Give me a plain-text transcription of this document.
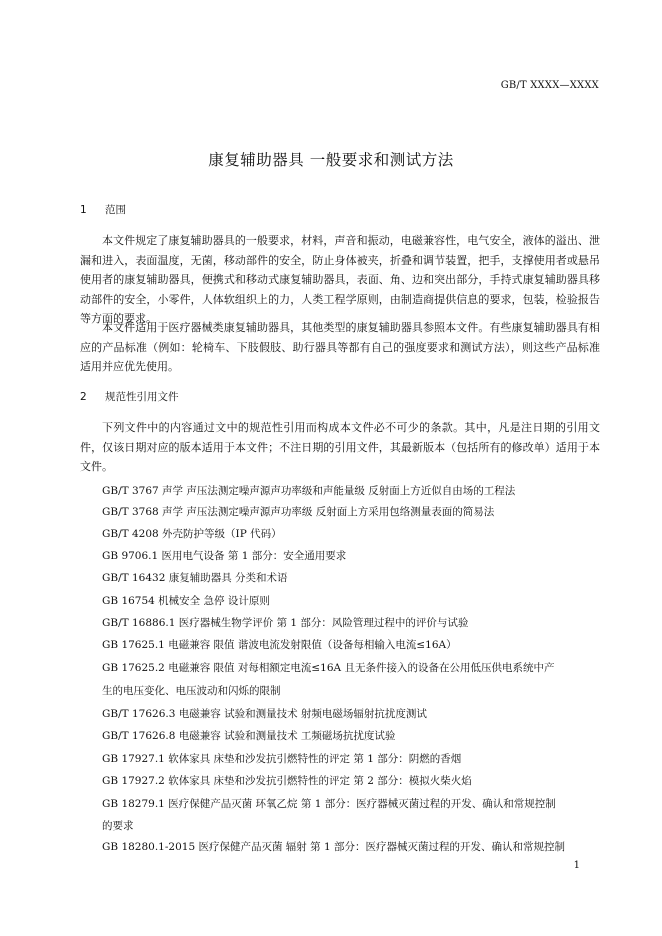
GB/T XXXX—XXXX
康复辅助器具 一般要求和测试方法
1 范围
本文件规定了康复辅助器具的一般要求，材料，声音和振动，电磁兼容性，电气安全，液体的溢出、泄漏和进入，表面温度，无菌，移动部件的安全，防止身体被夹，折叠和调节装置，把手，支撑使用者或悬吊使用者的康复辅助器具，便携式和移动式康复辅助器具，表面、角、边和突出部分，手持式康复辅助器具移动部件的安全，小零件，人体软组织上的力，人类工程学原则，由制造商提供信息的要求，包装，检验报告等方面的要求。
本文件适用于医疗器械类康复辅助器具，其他类型的康复辅助器具参照本文件。有些康复辅助器具有相应的产品标准（例如：轮椅车、下肢假肢、助行器具等都有自己的强度要求和测试方法），则这些产品标准适用并应优先使用。
2 规范性引用文件
下列文件中的内容通过文中的规范性引用而构成本文件必不可少的条款。其中，凡是注日期的引用文件，仅该日期对应的版本适用于本文件；不注日期的引用文件，其最新版本（包括所有的修改单）适用于本文件。
GB/T 3767 声学 声压法测定噪声源声功率级和声能量级 反射面上方近似自由场的工程法
GB/T 3768 声学 声压法测定噪声源声功率级 反射面上方采用包络测量表面的简易法
GB/T 4208 外壳防护等级（IP 代码）
GB 9706.1 医用电气设备 第 1 部分：安全通用要求
GB/T 16432 康复辅助器具 分类和术语
GB 16754 机械安全 急停 设计原则
GB/T 16886.1 医疗器械生物学评价 第 1 部分：风险管理过程中的评价与试验
GB 17625.1 电磁兼容 限值 谐波电流发射限值（设备每相输入电流≤16A）
GB 17625.2 电磁兼容 限值 对每相额定电流≤16A 且无条件接入的设备在公用低压供电系统中产
生的电压变化、电压波动和闪烁的限制
GB/T 17626.3 电磁兼容 试验和测量技术 射频电磁场辐射抗扰度测试
GB/T 17626.8 电磁兼容 试验和测量技术 工频磁场抗扰度试验
GB 17927.1 软体家具 床垫和沙发抗引燃特性的评定 第 1 部分：阴燃的香烟
GB 17927.2 软体家具 床垫和沙发抗引燃特性的评定 第 2 部分：模拟火柴火焰
GB 18279.1 医疗保健产品灭菌 环氧乙烷 第 1 部分：医疗器械灭菌过程的开发、确认和常规控制
的要求
GB 18280.1-2015 医疗保健产品灭菌 辐射 第 1 部分：医疗器械灭菌过程的开发、确认和常规控制
1
